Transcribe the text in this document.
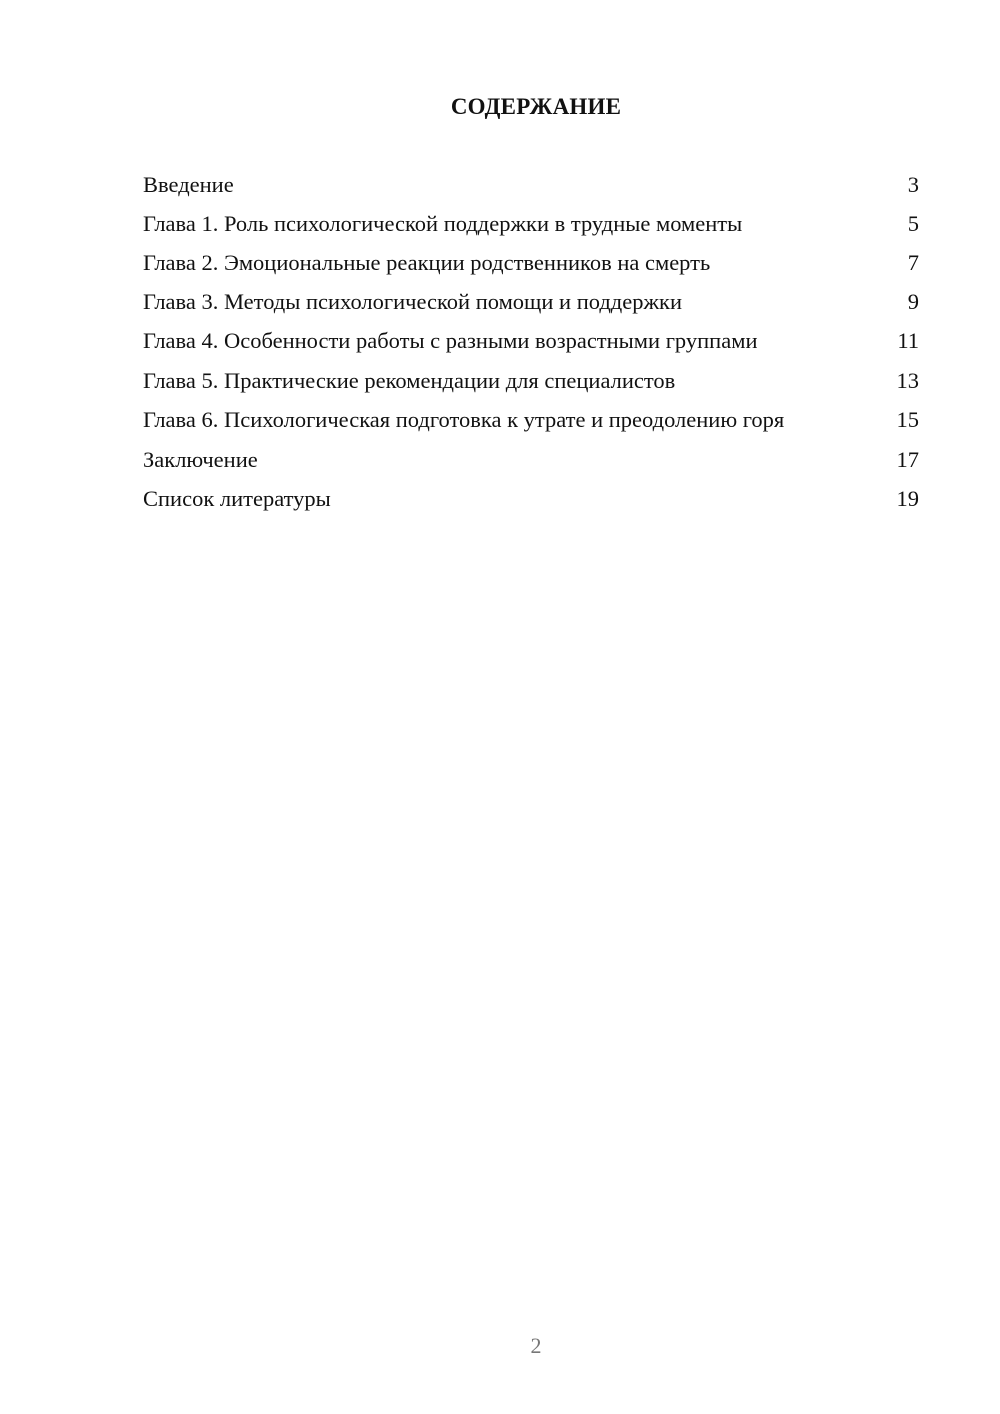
СОДЕРЖАНИЕ
Введение	3
Глава 1. Роль психологической поддержки в трудные моменты	5
Глава 2. Эмоциональные реакции родственников на смерть	7
Глава 3. Методы психологической помощи и поддержки	9
Глава 4. Особенности работы с разными возрастными группами	11
Глава 5. Практические рекомендации для специалистов	13
Глава 6. Психологическая подготовка к утрате и преодолению горя	15
Заключение	17
Список литературы	19
2
